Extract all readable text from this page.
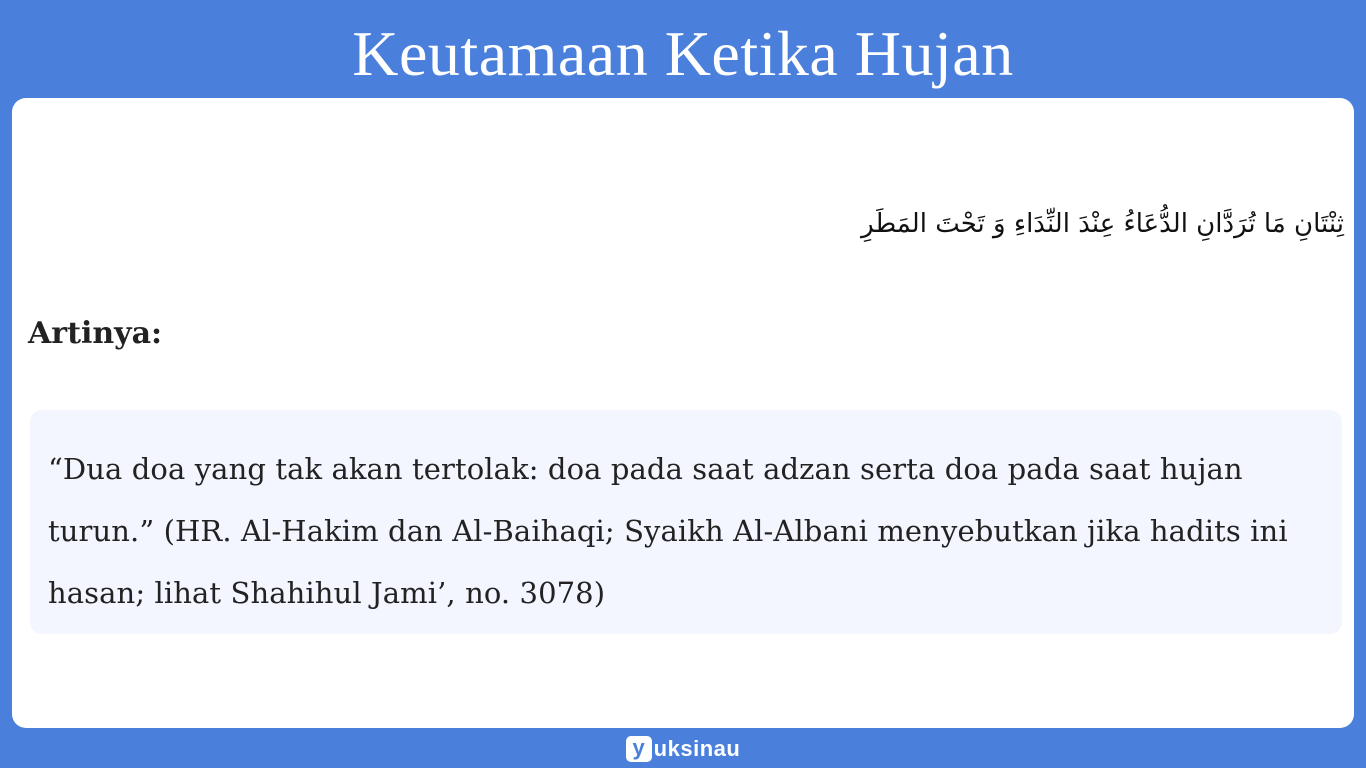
Keutamaan Ketika Hujan
ثِنْتَانِ مَا تُرَدَّانِ الدُّعَاءُ عِنْدَ النِّدَاءِ وَ تَحْتَ المَطَرِ
Artinya:
“Dua doa yang tak akan tertolak: doa pada saat adzan serta doa pada saat hujan turun.” (HR. Al-Hakim dan Al-Baihaqi; Syaikh Al-Albani menyebutkan jika hadits ini hasan; lihat Shahihul Jami’, no. 3078)
y uksinau
